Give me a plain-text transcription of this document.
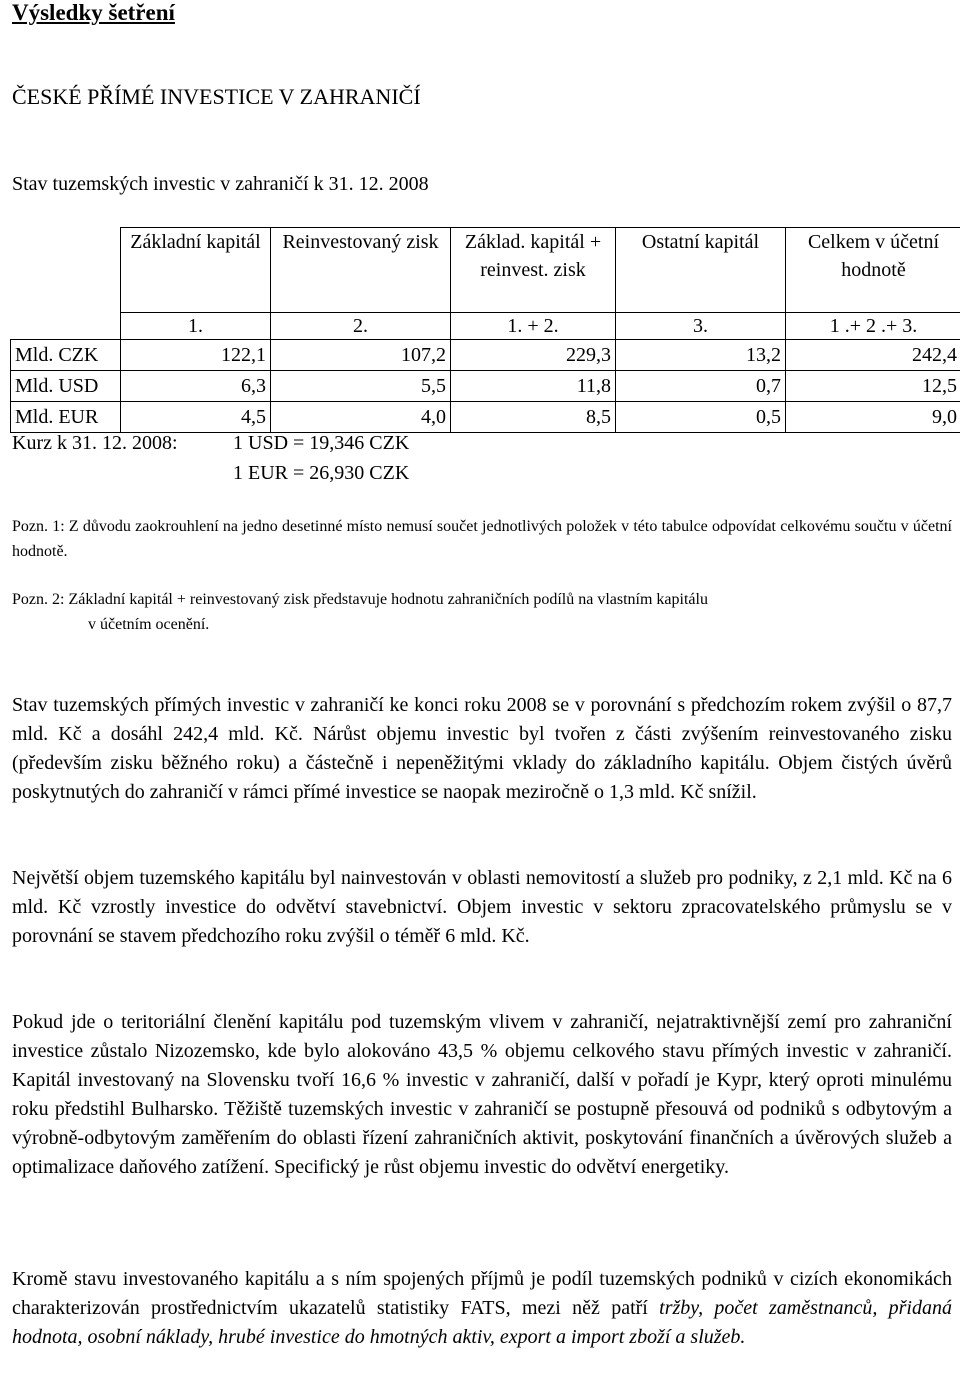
Výsledky šetření
ČESKÉ PŘÍMÉ INVESTICE V ZAHRANIČÍ
Stav tuzemských investic v zahraničí k 31. 12. 2008
	Základní kapitál	Reinvestovaný zisk	Základ. kapitál + reinvest. zisk	Ostatní kapitál	Celkem v účetní hodnotě
	1.	2.	1. + 2.	3.	1 .+ 2 .+ 3.
Mld. CZK	122,1	107,2	229,3	13,2	242,4
Mld. USD	6,3	5,5	11,8	0,7	12,5
Mld. EUR	4,5	4,0	8,5	0,5	9,0
Kurz k 31. 12. 2008:	1 USD = 19,346 CZK
1 EUR = 26,930 CZK
Pozn. 1: Z důvodu zaokrouhlení na jedno desetinné místo nemusí součet jednotlivých položek v této tabulce odpovídat celkovému součtu v účetní hodnotě.
Pozn. 2: Základní kapitál + reinvestovaný zisk představuje hodnotu zahraničních podílů na vlastním kapitálu
v účetním ocenění.
Stav tuzemských přímých investic v zahraničí ke konci roku 2008 se v porovnání s předchozím rokem zvýšil o 87,7 mld. Kč a dosáhl 242,4 mld. Kč. Nárůst objemu investic byl tvořen z části zvýšením reinvestovaného zisku (především zisku běžného roku) a částečně i nepeněžitými vklady do základního kapitálu. Objem čistých úvěrů poskytnutých do zahraničí v rámci přímé investice se naopak meziročně o 1,3 mld. Kč snížil.
Největší objem tuzemského kapitálu byl nainvestován v oblasti nemovitostí a služeb pro podniky, z 2,1 mld. Kč na 6 mld. Kč vzrostly investice do odvětví stavebnictví. Objem investic v sektoru zpracovatelského průmyslu se v porovnání se stavem předchozího roku zvýšil o téměř 6 mld. Kč.
Pokud jde o teritoriální členění kapitálu pod tuzemským vlivem v zahraničí, nejatraktivnější zemí pro zahraniční investice zůstalo Nizozemsko, kde bylo alokováno 43,5 % objemu celkového stavu přímých investic v zahraničí. Kapitál investovaný na Slovensku tvoří 16,6 % investic v zahraničí, další v pořadí je Kypr, který oproti minulému roku předstihl Bulharsko. Těžiště tuzemských investic v zahraničí se postupně přesouvá od podniků s odbytovým a výrobně-odbytovým zaměřením do oblasti řízení zahraničních aktivit, poskytování finančních a úvěrových služeb a optimalizace daňového zatížení. Specifický je růst objemu investic do odvětví energetiky.
Kromě stavu investovaného kapitálu a s ním spojených příjmů je podíl tuzemských podniků v cizích ekonomikách charakterizován prostřednictvím ukazatelů statistiky FATS, mezi něž patří tržby, počet zaměstnanců, přidaná hodnota, osobní náklady, hrubé investice do hmotných aktiv, export a import zboží a služeb.
